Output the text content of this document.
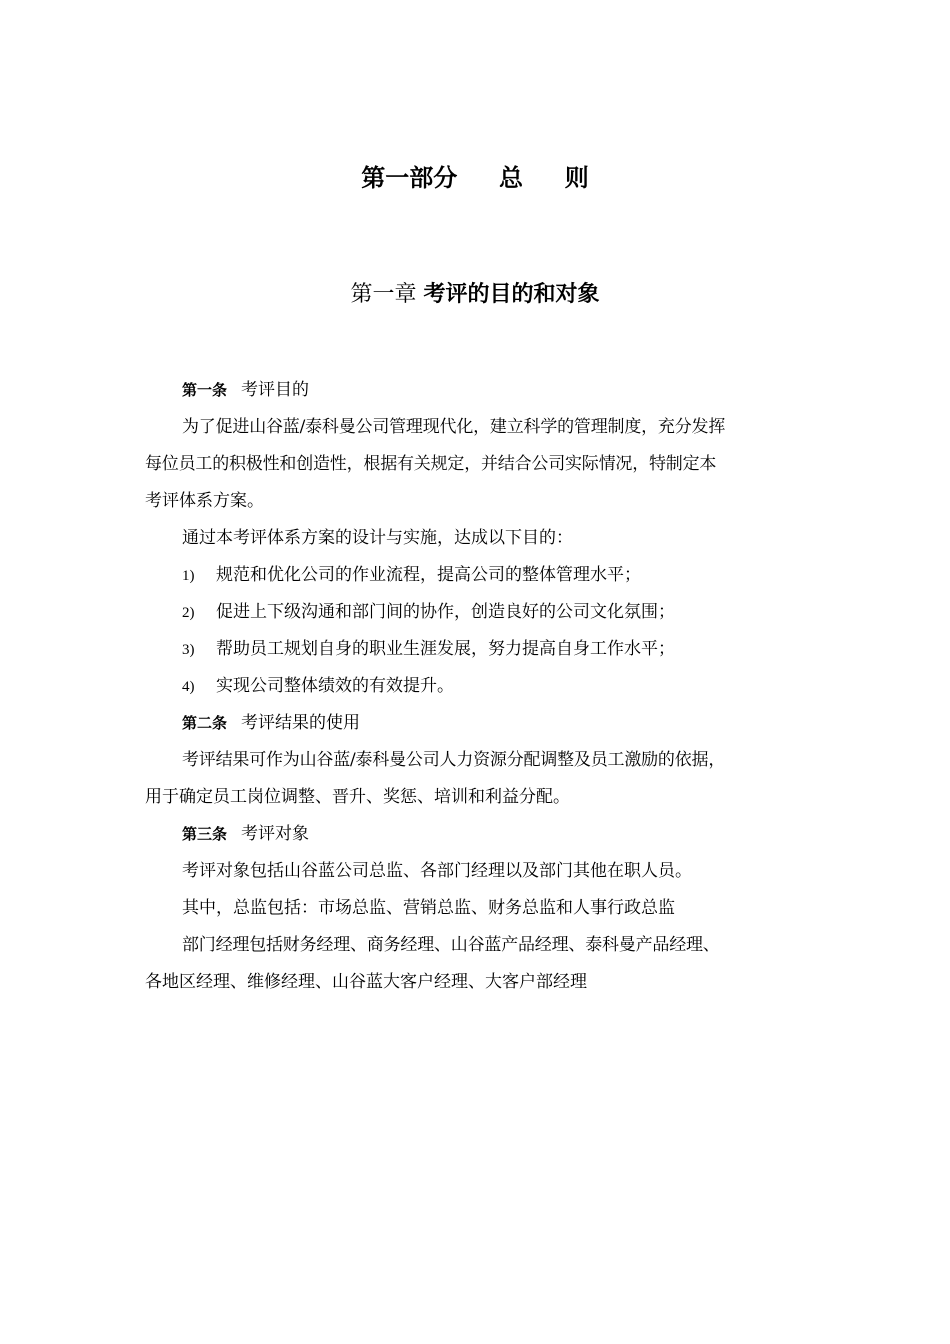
第一部分     总     则
第一章 考评的目的和对象
第一条 考评目的
为了促进山谷蓝/泰科曼公司管理现代化，建立科学的管理制度，充分发挥
每位员工的积极性和创造性，根据有关规定，并结合公司实际情况，特制定本
考评体系方案。
通过本考评体系方案的设计与实施，达成以下目的：
1) 规范和优化公司的作业流程，提高公司的整体管理水平；
2) 促进上下级沟通和部门间的协作，创造良好的公司文化氛围；
3) 帮助员工规划自身的职业生涯发展，努力提高自身工作水平；
4) 实现公司整体绩效的有效提升。
第二条 考评结果的使用
考评结果可作为山谷蓝/泰科曼公司人力资源分配调整及员工激励的依据，
用于确定员工岗位调整、晋升、奖惩、培训和利益分配。
第三条 考评对象
考评对象包括山谷蓝公司总监、各部门经理以及部门其他在职人员。
其中，总监包括：市场总监、营销总监、财务总监和人事行政总监
部门经理包括财务经理、商务经理、山谷蓝产品经理、泰科曼产品经理、
各地区经理、维修经理、山谷蓝大客户经理、大客户部经理
